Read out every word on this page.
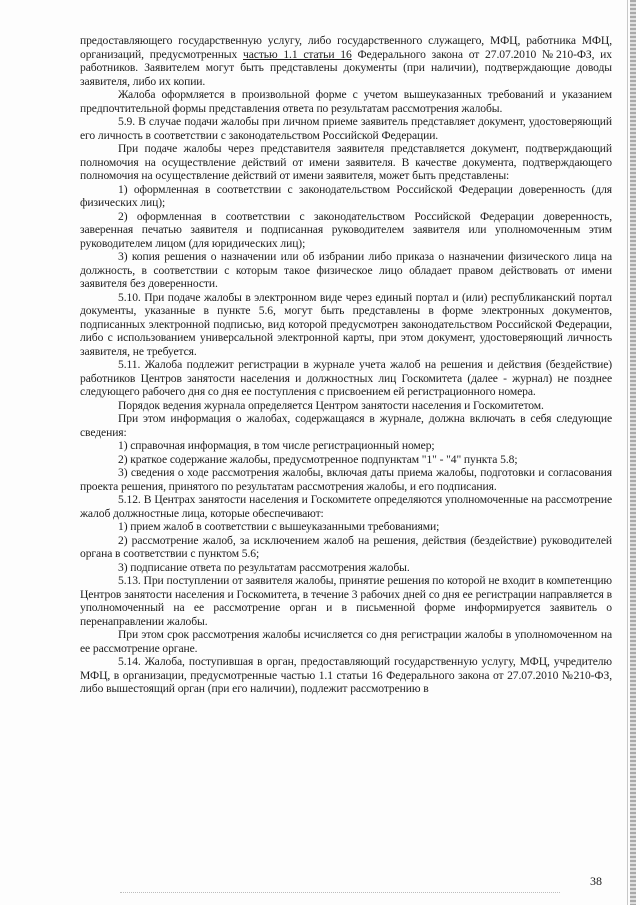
предоставляющего государственную услугу, либо государственного служащего, МФЦ, работника МФЦ, организаций, предусмотренных частью 1.1 статьи 16 Федерального закона от 27.07.2010 №210-ФЗ, их работников. Заявителем могут быть представлены документы (при наличии), подтверждающие доводы заявителя, либо их копии.

Жалоба оформляется в произвольной форме с учетом вышеуказанных требований и указанием предпочтительной формы представления ответа по результатам рассмотрения жалобы.

5.9. В случае подачи жалобы при личном приеме заявитель представляет документ, удостоверяющий его личность в соответствии с законодательством Российской Федерации.

При подаче жалобы через представителя заявителя представляется документ, подтверждающий полномочия на осуществление действий от имени заявителя. В качестве документа, подтверждающего полномочия на осуществление действий от имени заявителя, может быть представлены:

1) оформленная в соответствии с законодательством Российской Федерации доверенность (для физических лиц);

2) оформленная в соответствии с законодательством Российской Федерации доверенность, заверенная печатью заявителя и подписанная руководителем заявителя или уполномоченным этим руководителем лицом (для юридических лиц);

3) копия решения о назначении или об избрании либо приказа о назначении физического лица на должность, в соответствии с которым такое физическое лицо обладает правом действовать от имени заявителя без доверенности.

5.10. При подаче жалобы в электронном виде через единый портал и (или) республиканский портал документы, указанные в пункте 5.6, могут быть представлены в форме электронных документов, подписанных электронной подписью, вид которой предусмотрен законодательством Российской Федерации, либо с использованием универсальной электронной карты, при этом документ, удостоверяющий личность заявителя, не требуется.

5.11. Жалоба подлежит регистрации в журнале учета жалоб на решения и действия (бездействие) работников Центров занятости населения и должностных лиц Госкомитета (далее - журнал) не позднее следующего рабочего дня со дня ее поступления с присвоением ей регистрационного номера.

Порядок ведения журнала определяется Центром занятости населения и Госкомитетом.

При этом информация о жалобах, содержащаяся в журнале, должна включать в себя следующие сведения:

1) справочная информация, в том числе регистрационный номер;

2) краткое содержание жалобы, предусмотренное подпунктам "1" - "4" пункта 5.8;

3) сведения о ходе рассмотрения жалобы, включая даты приема жалобы, подготовки и согласования проекта решения, принятого по результатам рассмотрения жалобы, и его подписания.

5.12. В Центрах занятости населения и Госкомитете определяются уполномоченные на рассмотрение жалоб должностные лица, которые обеспечивают:

1) прием жалоб в соответствии с вышеуказанными требованиями;

2) рассмотрение жалоб, за исключением жалоб на решения, действия (бездействие) руководителей органа в соответствии с пунктом 5.6;

3) подписание ответа по результатам рассмотрения жалобы.

5.13. При поступлении от заявителя жалобы, принятие решения по которой не входит в компетенцию Центров занятости населения и Госкомитета, в течение 3 рабочих дней со дня ее регистрации направляется в уполномоченный на ее рассмотрение орган и в письменной форме информируется заявитель о перенаправлении жалобы.

При этом срок рассмотрения жалобы исчисляется со дня регистрации жалобы в уполномоченном на ее рассмотрение органе.

5.14. Жалоба, поступившая в орган, предоставляющий государственную услугу, МФЦ, учредителю МФЦ, в организации, предусмотренные частью 1.1 статьи 16 Федерального закона от 27.07.2010 №210-ФЗ, либо вышестоящий орган (при его наличии), подлежит рассмотрению в

38
